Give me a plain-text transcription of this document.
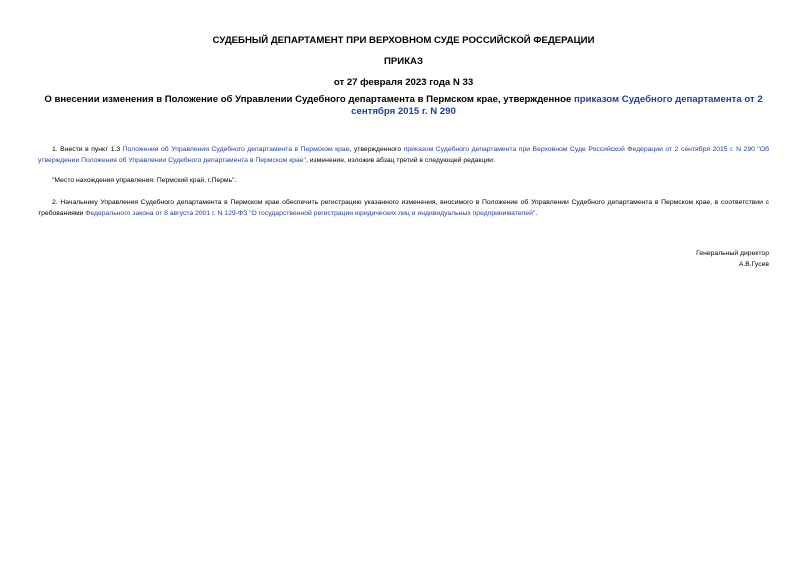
СУДЕБНЫЙ ДЕПАРТАМЕНТ ПРИ ВЕРХОВНОМ СУДЕ РОССИЙСКОЙ ФЕДЕРАЦИИ
ПРИКАЗ
от 27 февраля 2023 года N 33
О внесении изменения в Положение об Управлении Судебного департамента в Пермском крае, утвержденное приказом Судебного департамента от 2 сентября 2015 г. N 290
1. Внести в пункт 1.3 Положения об Управлении Судебного департамента в Пермском крае, утвержденного приказом Судебного департамента при Верховном Суде Российской Федерации от 2 сентября 2015 г. N 290 "Об утверждении Положения об Управлении Судебного департамента в Пермском крае", изменение, изложив абзац третий в следующей редакции:
"Место нахождения управления: Пермский край, г.Пермь".
2. Начальнику Управления Судебного департамента в Пермском крае обеспечить регистрацию указанного изменения, вносимого в Положение об Управлении Судебного департамента в Пермском крае, в соответствии с требованиями Федерального закона от 8 августа 2001 г. N 129-ФЗ "О государственной регистрации юридических лиц и индивидуальных предпринимателей".
Генеральный директор
А.В.Гусев
